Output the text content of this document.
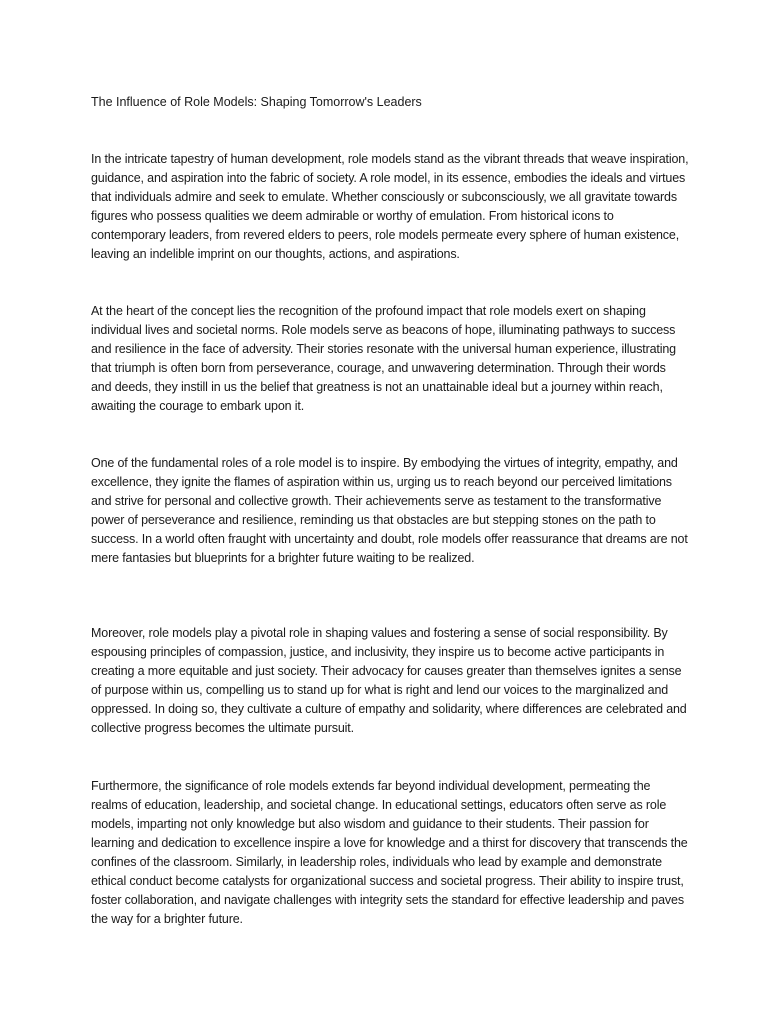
The Influence of Role Models: Shaping Tomorrow's Leaders

In the intricate tapestry of human development, role models stand as the vibrant threads that weave inspiration, guidance, and aspiration into the fabric of society. A role model, in its essence, embodies the ideals and virtues that individuals admire and seek to emulate. Whether consciously or subconsciously, we all gravitate towards figures who possess qualities we deem admirable or worthy of emulation. From historical icons to contemporary leaders, from revered elders to peers, role models permeate every sphere of human existence, leaving an indelible imprint on our thoughts, actions, and aspirations.

At the heart of the concept lies the recognition of the profound impact that role models exert on shaping individual lives and societal norms. Role models serve as beacons of hope, illuminating pathways to success and resilience in the face of adversity. Their stories resonate with the universal human experience, illustrating that triumph is often born from perseverance, courage, and unwavering determination. Through their words and deeds, they instill in us the belief that greatness is not an unattainable ideal but a journey within reach, awaiting the courage to embark upon it.

One of the fundamental roles of a role model is to inspire. By embodying the virtues of integrity, empathy, and excellence, they ignite the flames of aspiration within us, urging us to reach beyond our perceived limitations and strive for personal and collective growth. Their achievements serve as testament to the transformative power of perseverance and resilience, reminding us that obstacles are but stepping stones on the path to success. In a world often fraught with uncertainty and doubt, role models offer reassurance that dreams are not mere fantasies but blueprints for a brighter future waiting to be realized.

Moreover, role models play a pivotal role in shaping values and fostering a sense of social responsibility. By espousing principles of compassion, justice, and inclusivity, they inspire us to become active participants in creating a more equitable and just society. Their advocacy for causes greater than themselves ignites a sense of purpose within us, compelling us to stand up for what is right and lend our voices to the marginalized and oppressed. In doing so, they cultivate a culture of empathy and solidarity, where differences are celebrated and collective progress becomes the ultimate pursuit.

Furthermore, the significance of role models extends far beyond individual development, permeating the realms of education, leadership, and societal change. In educational settings, educators often serve as role models, imparting not only knowledge but also wisdom and guidance to their students. Their passion for learning and dedication to excellence inspire a love for knowledge and a thirst for discovery that transcends the confines of the classroom. Similarly, in leadership roles, individuals who lead by example and demonstrate ethical conduct become catalysts for organizational success and societal progress. Their ability to inspire trust, foster collaboration, and navigate challenges with integrity sets the standard for effective leadership and paves the way for a brighter future.
